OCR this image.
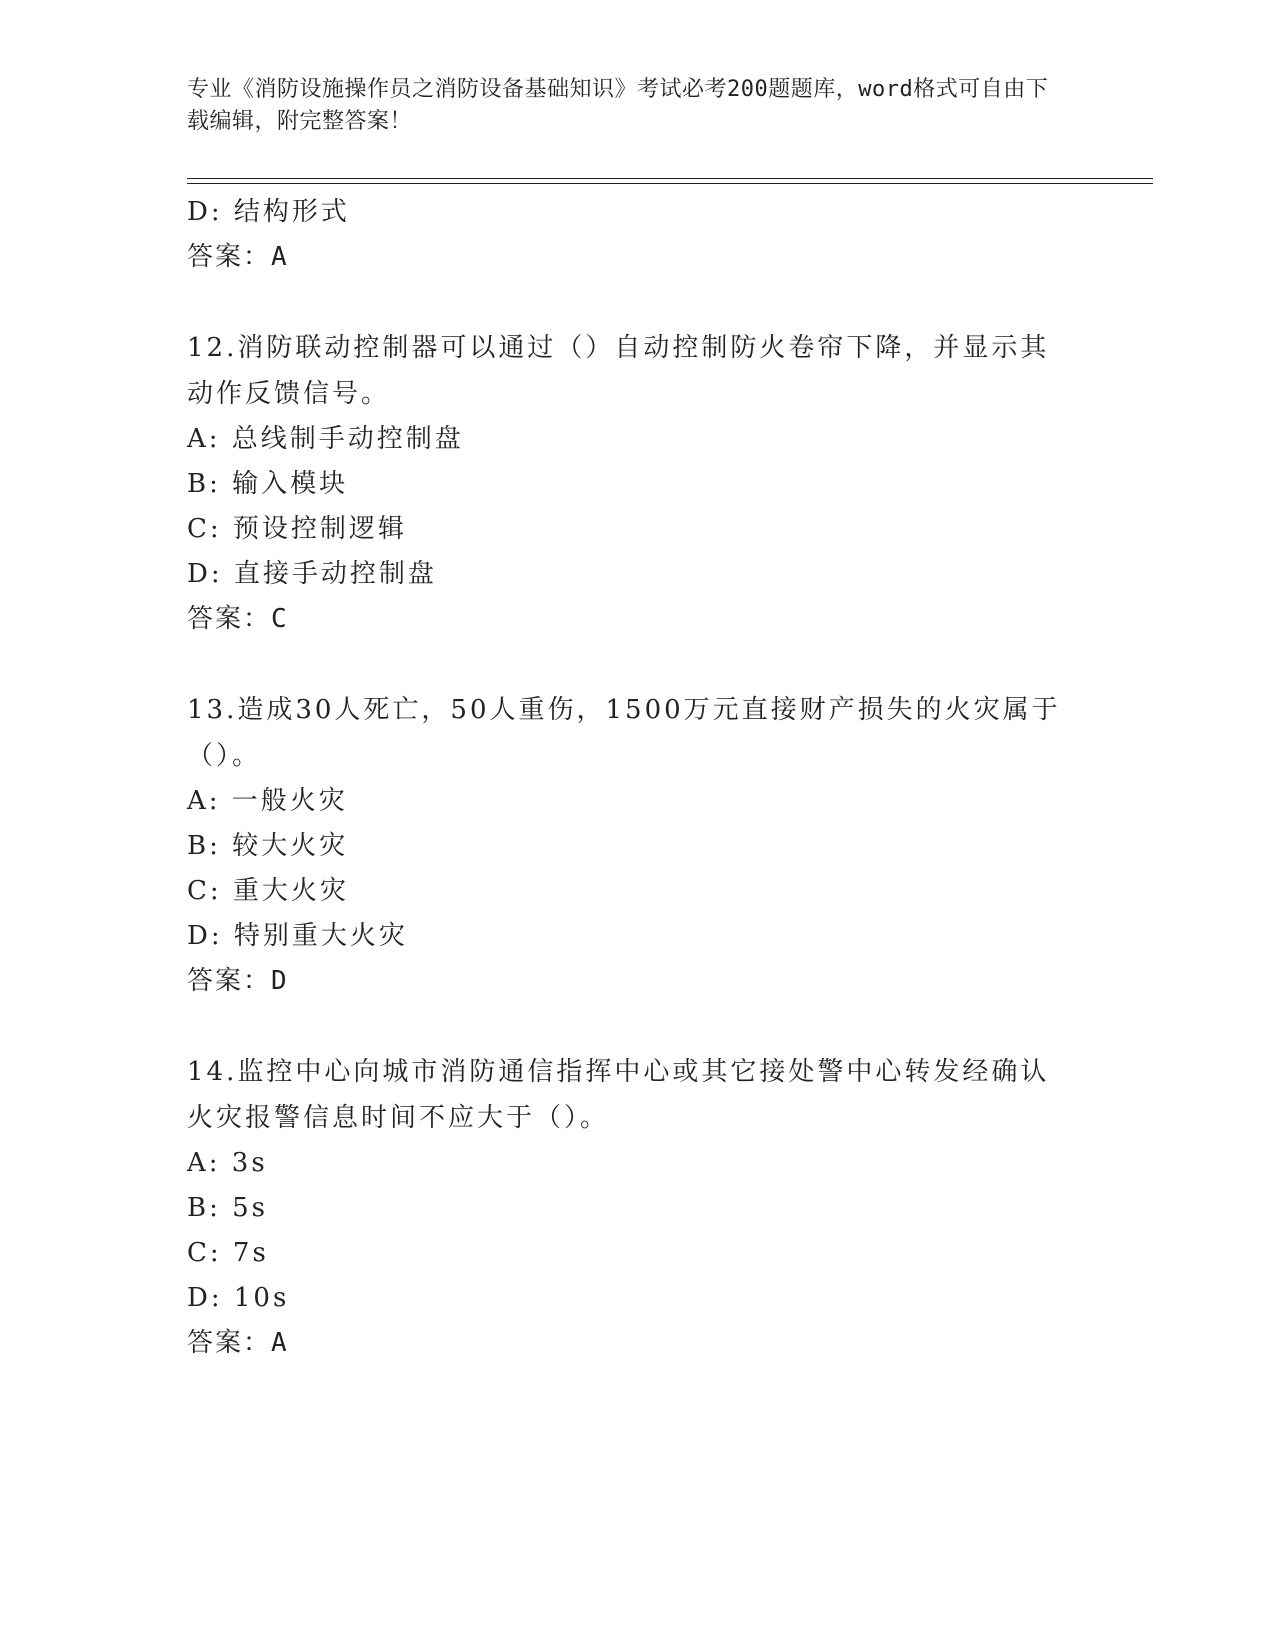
专业《消防设施操作员之消防设备基础知识》考试必考200题题库，word格式可自由下载编辑，附完整答案！
D: 结构形式
答案：A
12.消防联动控制器可以通过（）自动控制防火卷帘下降，并显示其动作反馈信号。
A: 总线制手动控制盘
B: 输入模块
C: 预设控制逻辑
D: 直接手动控制盘
答案：C
13.造成30人死亡，50人重伤，1500万元直接财产损失的火灾属于（）。
A: 一般火灾
B: 较大火灾
C: 重大火灾
D: 特别重大火灾
答案：D
14.监控中心向城市消防通信指挥中心或其它接处警中心转发经确认火灾报警信息时间不应大于（）。
A: 3s
B: 5s
C: 7s
D: 10s
答案：A
